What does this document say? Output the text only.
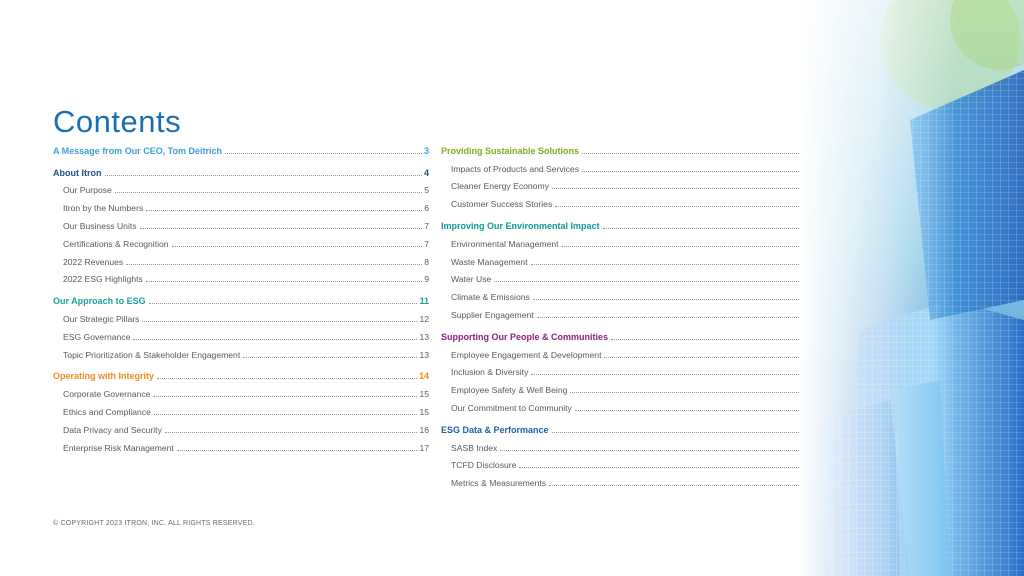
Contents
A Message from Our CEO, Tom Deitrich	3
About Itron	4
Our Purpose	5
Itron by the Numbers	6
Our Business Units	7
Certifications & Recognition	7
2022 Revenues	8
2022 ESG Highlights	9
Our Approach to ESG	11
Our Strategic Pillars	12
ESG Governance	13
Topic Prioritization & Stakeholder Engagement	13
Operating with Integrity	14
Corporate Governance	15
Ethics and Compliance	15
Data Privacy and Security	16
Enterprise Risk Management	17
Providing Sustainable Solutions
Impacts of Products and Services
Cleaner Energy Economy
Customer Success Stories
Improving Our Environmental Impact
Environmental Management
Waste Management
Water Use
Climate & Emissions
Supplier Engagement
Supporting Our People & Communities
Employee Engagement & Development
Inclusion & Diversity
Employee Safety & Well Being
Our Commitment to Community
ESG Data & Performance
SASB Index
TCFD Disclosure
Metrics & Measurements
© COPYRIGHT 2023 ITRON, INC. ALL RIGHTS RESERVED.
